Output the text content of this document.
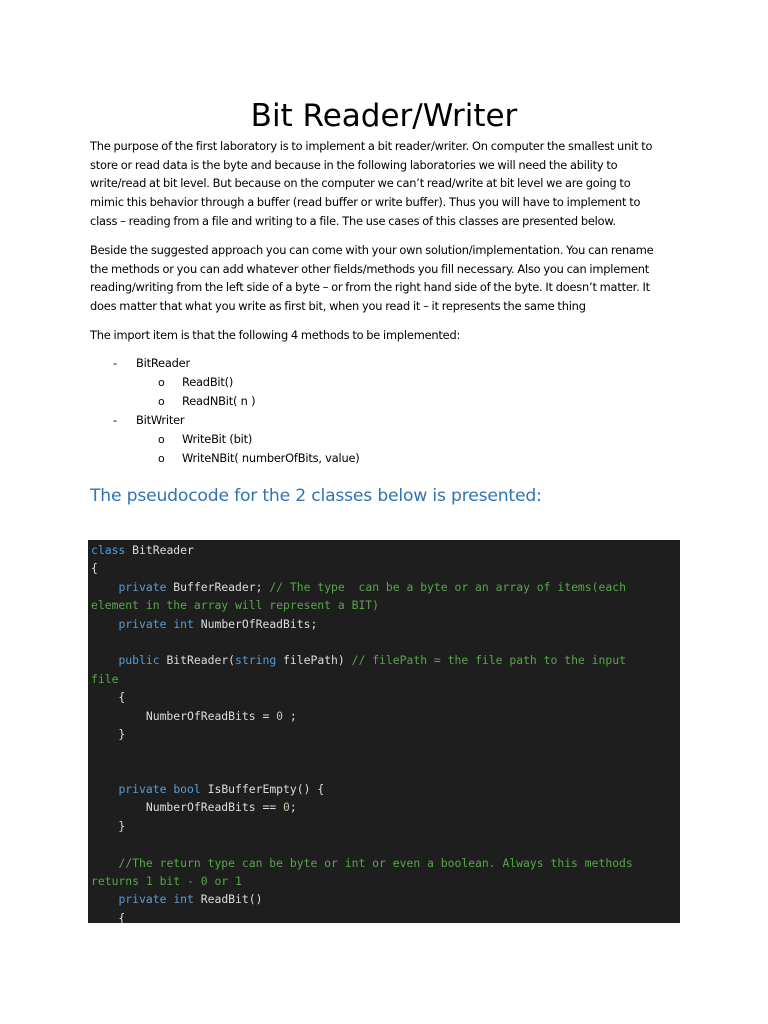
Bit Reader/Writer
The purpose of the first laboratory is to implement a bit reader/writer. On computer the smallest unit to
store or read data is the byte and because in the following laboratories we will need the ability to
write/read at bit level. But because on the computer we can’t read/write at bit level we are going to
mimic this behavior through a buffer (read buffer or write buffer). Thus you will have to implement to
class – reading from a file and writing to a file. The use cases of this classes are presented below.
Beside the suggested approach you can come with your own solution/implementation. You can rename
the methods or you can add whatever other fields/methods you fill necessary. Also you can implement
reading/writing from the left side of a byte – or from the right hand side of the byte. It doesn’t matter. It
does matter that what you write as first bit, when you read it – it represents the same thing
The import item is that the following 4 methods to be implemented:
- BitReader
o ReadBit()
o ReadNBit( n )
- BitWriter
o WriteBit (bit)
o WriteNBit( numberOfBits, value)
The pseudocode for the 2 classes below is presented:
class BitReader
{
private BufferReader; // The type  can be a byte or an array of items(each
element in the array will represent a BIT)
private int NumberOfReadBits;
public BitReader(string filePath) // filePath = the file path to the input
file
{
NumberOfReadBits = 0 ;
}
private bool IsBufferEmpty() {
NumberOfReadBits == 0;
}
//The return type can be byte or int or even a boolean. Always this methods
returns 1 bit - 0 or 1
private int ReadBit()
{
